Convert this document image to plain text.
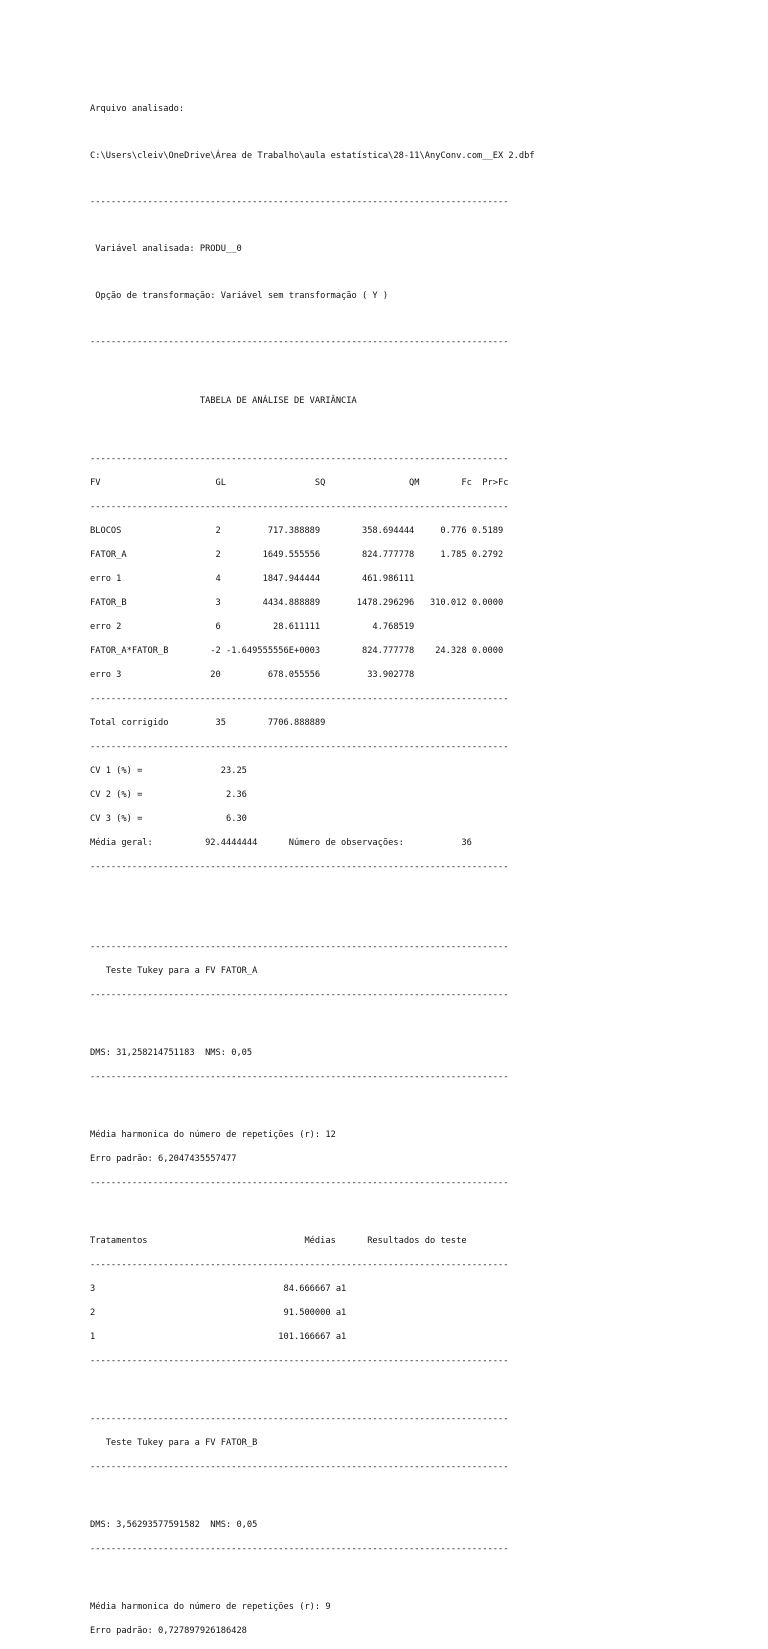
Arquivo analisado:

C:\Users\cleiv\OneDrive\Área de Trabalho\aula estatística\28-11\AnyConv.com__EX 2.dbf

--------------------------------------------------------------------------------

Variável analisada: PRODU__0

Opção de transformação: Variável sem transformação ( Y )

--------------------------------------------------------------------------------

TABELA DE ANÁLISE DE VARIÂNCIA

--------------------------------------------------------------------------------

FV                      GL                 SQ                QM        Fc  Pr>Fc

--------------------------------------------------------------------------------

BLOCOS                  2         717.388889        358.694444     0.776 0.5189

FATOR_A                 2        1649.555556        824.777778     1.785 0.2792

erro 1                  4        1847.944444        461.986111

FATOR_B                 3        4434.888889       1478.296296   310.012 0.0000

erro 2                  6          28.611111          4.768519

FATOR_A*FATOR_B        -2 -1.649555556E+0003        824.777778    24.328 0.0000

erro 3                 20         678.055556         33.902778

--------------------------------------------------------------------------------

Total corrigido         35        7706.888889

--------------------------------------------------------------------------------

CV 1 (%) =               23.25

CV 2 (%) =                2.36

CV 3 (%) =                6.30

Média geral:          92.4444444      Número de observações:           36

--------------------------------------------------------------------------------

--------------------------------------------------------------------------------

Teste Tukey para a FV FATOR_A

--------------------------------------------------------------------------------

DMS: 31,258214751183  NMS: 0,05

--------------------------------------------------------------------------------

Média harmonica do número de repetições (r): 12

Erro padrão: 6,2047435557477

--------------------------------------------------------------------------------

Tratamentos                              Médias      Resultados do teste

--------------------------------------------------------------------------------

3                                    84.666667 a1

2                                    91.500000 a1

1                                   101.166667 a1

--------------------------------------------------------------------------------

--------------------------------------------------------------------------------

Teste Tukey para a FV FATOR_B

--------------------------------------------------------------------------------

DMS: 3,56293577591582  NMS: 0,05

--------------------------------------------------------------------------------

Média harmonica do número de repetições (r): 9

Erro padrão: 0,727897926186428
